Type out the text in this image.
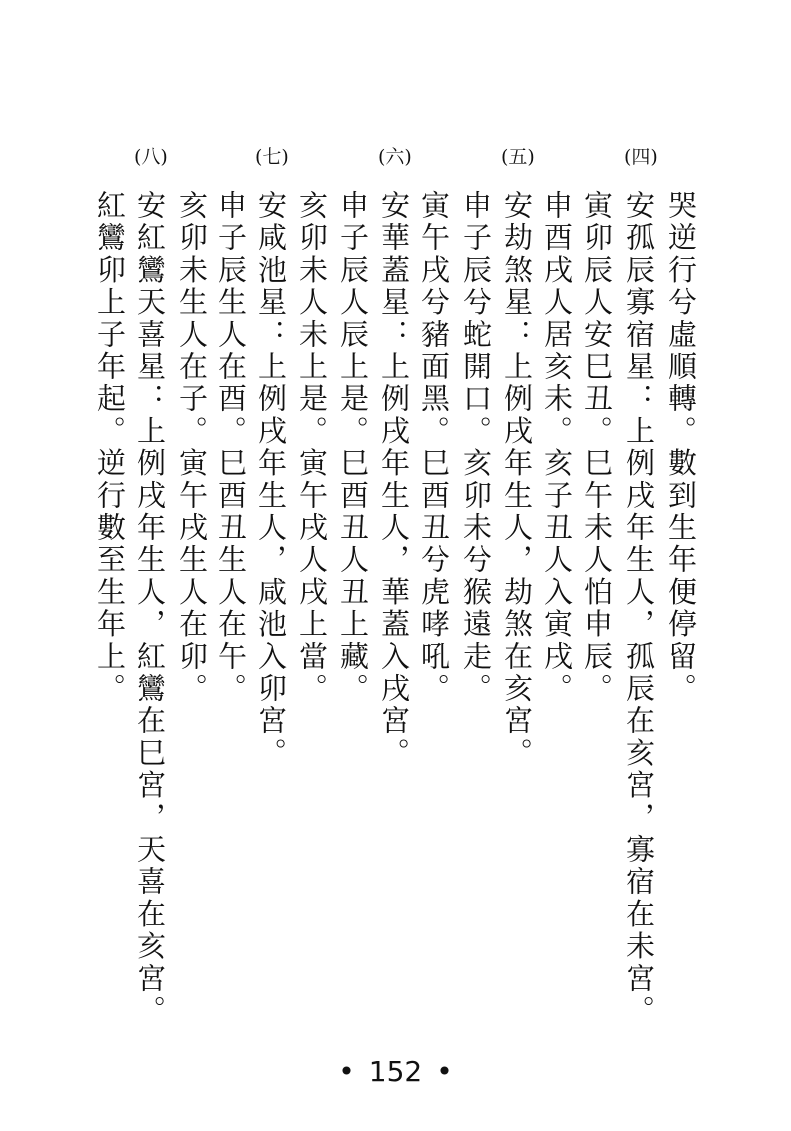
(四)
(五)
(六)
(七)
(八)
哭逆行兮虛順轉。數到生年便停留。
安孤辰寡宿星：上例戌年生人，孤辰在亥宮，寡宿在未宮。
寅卯辰人安巳丑。巳午未人怕申辰。
申酉戌人居亥未。亥子丑人入寅戌。
安劫煞星：上例戌年生人，劫煞在亥宮。
申子辰兮蛇開口。亥卯未兮猴遠走。
寅午戌兮豬面黑。巳酉丑兮虎哮吼。
安華蓋星：上例戌年生人，華蓋入戌宮。
申子辰人辰上是。巳酉丑人丑上藏。
亥卯未人未上是。寅午戌人戌上當。
安咸池星：上例戌年生人，咸池入卯宮。
申子辰生人在酉。巳酉丑生人在午。
亥卯未生人在子。寅午戌生人在卯。
安紅鸞天喜星：上例戌年生人，紅鸞在巳宮，天喜在亥宮。
紅鸞卯上子年起。逆行數至生年上。
• 152 •
